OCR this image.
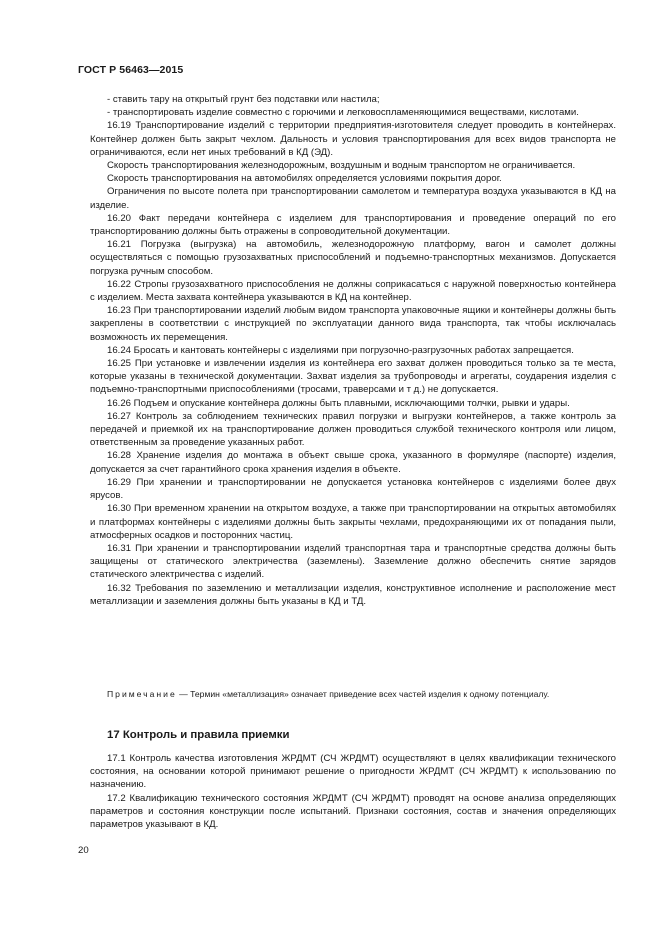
ГОСТ Р 56463—2015

- ставить тару на открытый грунт без подставки или настила;

- транспортировать изделие совместно с горючими и легковоспламеняющимися веществами, кислотами.

16.19 Транспортирование изделий с территории предприятия-изготовителя следует проводить в контейнерах. Контейнер должен быть закрыт чехлом. Дальность и условия транспортирования для всех видов транспорта не ограничиваются, если нет иных требований в КД (ЭД).

Скорость транспортирования железнодорожным, воздушным и водным транспортом не ограничивается.

Скорость транспортирования на автомобилях определяется условиями покрытия дорог.

Ограничения по высоте полета при транспортировании самолетом и температура воздуха указываются в КД на изделие.

16.20 Факт передачи контейнера с изделием для транспортирования и проведение операций по его транспортированию должны быть отражены в сопроводительной документации.

16.21 Погрузка (выгрузка) на автомобиль, железнодорожную платформу, вагон и самолет должны осуществляться с помощью грузозахватных приспособлений и подъемно-транспортных механизмов. Допускается погрузка ручным способом.

16.22 Стропы грузозахватного приспособления не должны соприкасаться с наружной поверхностью контейнера с изделием. Места захвата контейнера указываются в КД на контейнер.

16.23 При транспортировании изделий любым видом транспорта упаковочные ящики и контейнеры должны быть закреплены в соответствии с инструкцией по эксплуатации данного вида транспорта, так чтобы исключалась возможность их перемещения.

16.24 Бросать и кантовать контейнеры с изделиями при погрузочно-разгрузочных работах запрещается.

16.25 При установке и извлечении изделия из контейнера его захват должен проводиться только за те места, которые указаны в технической документации. Захват изделия за трубопроводы и агрегаты, соударения изделия с подъемно-транспортными приспособлениями (тросами, траверсами и т д.) не допускается.

16.26 Подъем и опускание контейнера должны быть плавными, исключающими толчки, рывки и удары.

16.27 Контроль за соблюдением технических правил погрузки и выгрузки контейнеров, а также контроль за передачей и приемкой их на транспортирование должен проводиться службой технического контроля или лицом, ответственным за проведение указанных работ.

16.28 Хранение изделия до монтажа в объект свыше срока, указанного в формуляре (паспорте) изделия, допускается за счет гарантийного срока хранения изделия в объекте.

16.29 При хранении и транспортировании не допускается установка контейнеров с изделиями более двух ярусов.

16.30 При временном хранении на открытом воздухе, а также при транспортировании на открытых автомобилях и платформах контейнеры с изделиями должны быть закрыты чехлами, предохраняющими их от попадания пыли, атмосферных осадков и посторонних частиц.

16.31 При хранении и транспортировании изделий транспортная тара и транспортные средства должны быть защищены от статического электричества (заземлены). Заземление должно обеспечить снятие зарядов статического электричества с изделий.

16.32 Требования по заземлению и металлизации изделия, конструктивное исполнение и расположение мест металлизации и заземления должны быть указаны в КД и ТД.

Примечание — Термин «металлизация» означает приведение всех частей изделия к одному потенциалу.
17 Контроль и правила приемки

17.1 Контроль качества изготовления ЖРДМТ (СЧ ЖРДМТ) осуществляют в целях квалификации технического состояния, на основании которой принимают решение о пригодности ЖРДМТ (СЧ ЖРДМТ) к использованию по назначению.

17.2 Квалификацию технического состояния ЖРДМТ (СЧ ЖРДМТ) проводят на основе анализа определяющих параметров и состояния конструкции после испытаний. Признаки состояния, состав и значения определяющих параметров указывают в КД.

20
